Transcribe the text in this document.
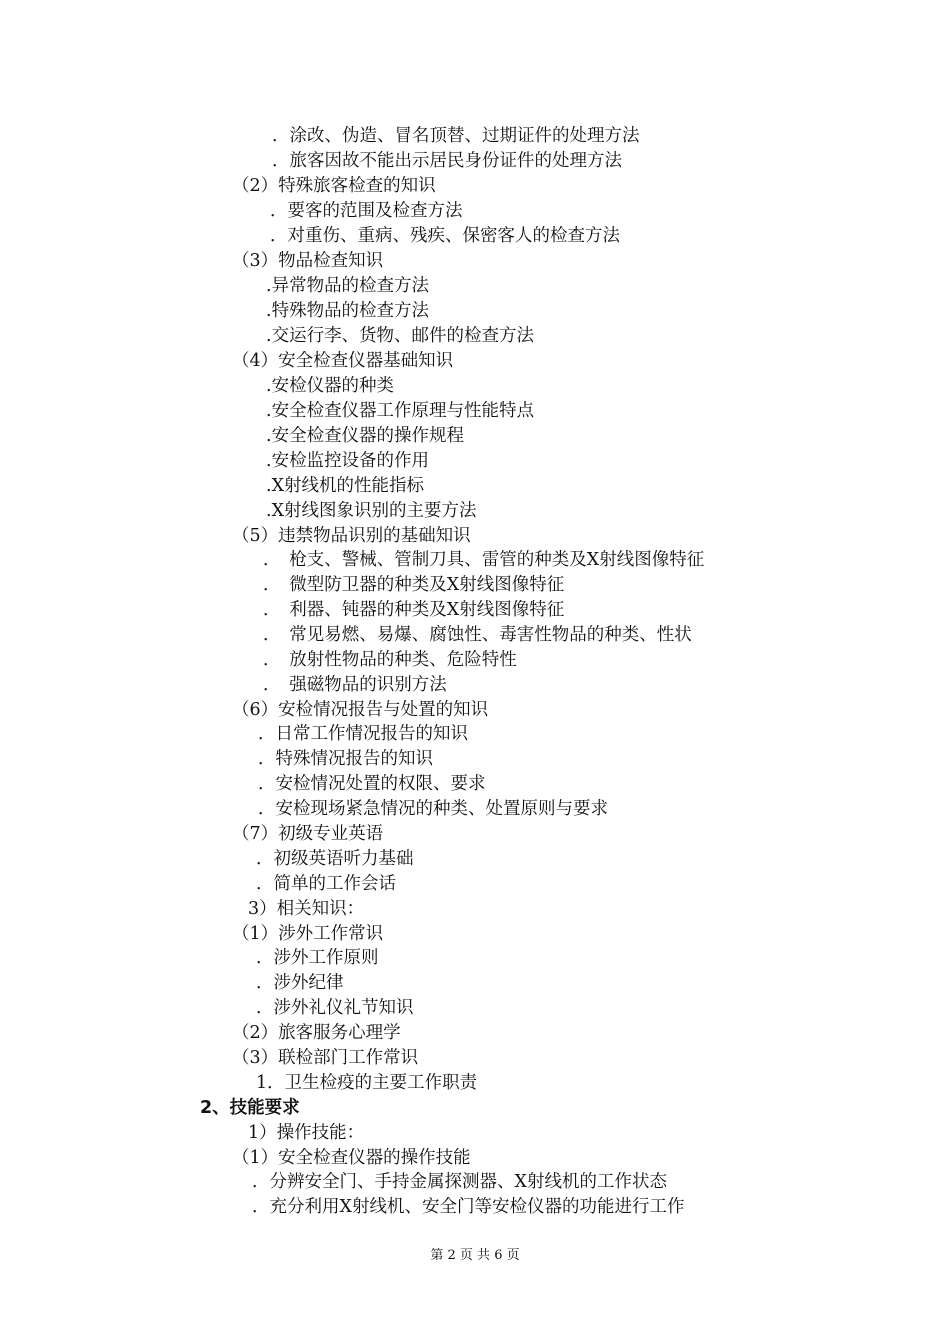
．涂改、伪造、冒名顶替、过期证件的处理方法
．旅客因故不能出示居民身份证件的处理方法
（2）特殊旅客检查的知识
．要客的范围及检查方法
．对重伤、重病、残疾、保密客人的检查方法
（3）物品检查知识
.异常物品的检查方法
.特殊物品的检查方法
.交运行李、货物、邮件的检查方法
（4）安全检查仪器基础知识
.安检仪器的种类
.安全检查仪器工作原理与性能特点
.安全检查仪器的操作规程
.安检监控设备的作用
.X射线机的性能指标
.X射线图象识别的主要方法
（5）违禁物品识别的基础知识
．　枪支、警械、管制刀具、雷管的种类及X射线图像特征
．　微型防卫器的种类及X射线图像特征
．　利器、钝器的种类及X射线图像特征
．　常见易燃、易爆、腐蚀性、毒害性物品的种类、性状
．　放射性物品的种类、危险特性
．　强磁物品的识别方法
（6）安检情况报告与处置的知识
．日常工作情况报告的知识
．特殊情况报告的知识
．安检情况处置的权限、要求
．安检现场紧急情况的种类、处置原则与要求
（7）初级专业英语
．初级英语听力基础
．简单的工作会话
3）相关知识：
（1）涉外工作常识
．涉外工作原则
．涉外纪律
．涉外礼仪礼节知识
（2）旅客服务心理学
（3）联检部门工作常识
1．卫生检疫的主要工作职责
2、技能要求
1）操作技能：
（1）安全检查仪器的操作技能
．分辨安全门、手持金属探测器、X射线机的工作状态
．充分利用X射线机、安全门等安检仪器的功能进行工作
第 2 页 共 6 页
